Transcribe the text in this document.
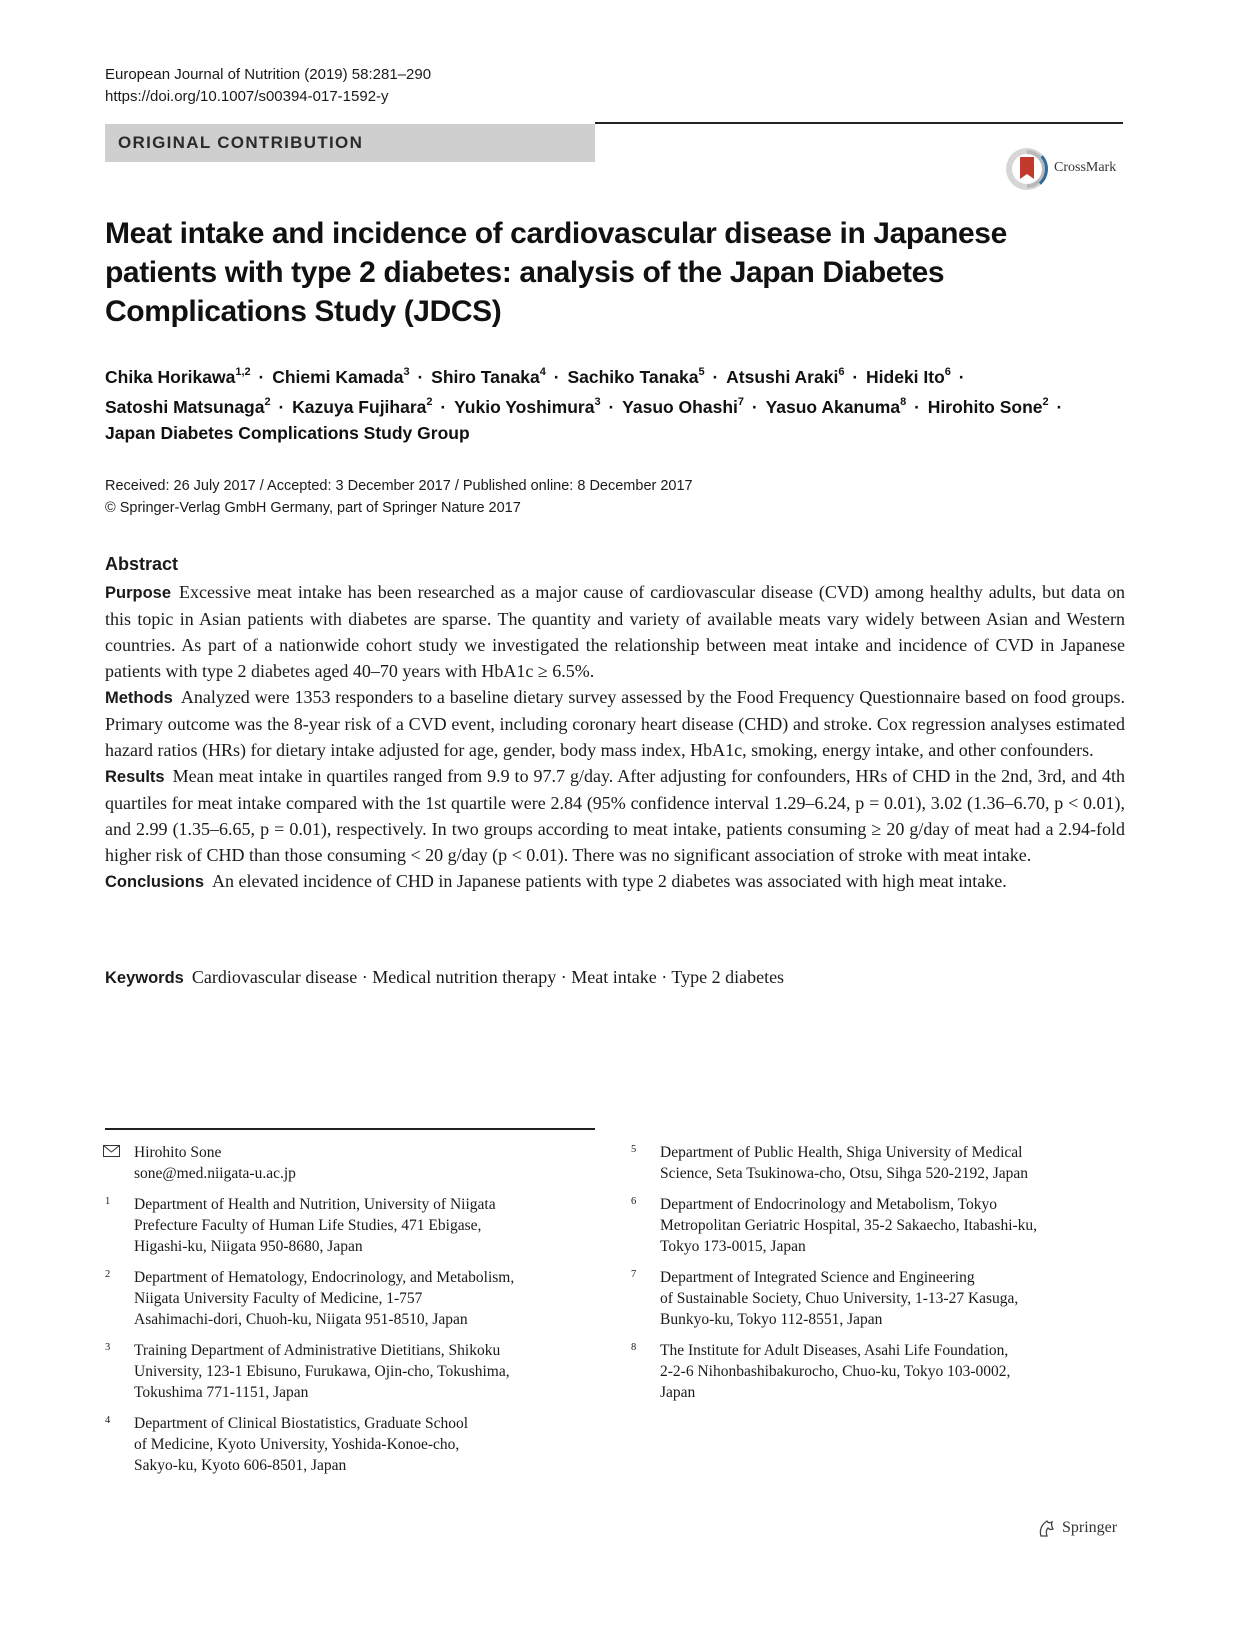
European Journal of Nutrition (2019) 58:281–290
https://doi.org/10.1007/s00394-017-1592-y
ORIGINAL CONTRIBUTION
CrossMark
Meat intake and incidence of cardiovascular disease in Japanese
patients with type 2 diabetes: analysis of the Japan Diabetes
Complications Study (JDCS)
Chika Horikawa$^{1,2}$ · Chiemi Kamada$^3$ · Shiro Tanaka$^4$ · Sachiko Tanaka$^5$ · Atsushi Araki$^6$ · Hideki Ito$^6$ ·
Satoshi Matsunaga$^2$ · Kazuya Fujihara$^2$ · Yukio Yoshimura$^3$ · Yasuo Ohashi$^7$ · Yasuo Akanuma$^8$ · Hirohito Sone$^2$ ·
Japan Diabetes Complications Study Group
Received: 26 July 2017 / Accepted: 3 December 2017 / Published online: 8 December 2017
© Springer-Verlag GmbH Germany, part of Springer Nature 2017
Abstract

Purpose Excessive meat intake has been researched as a major cause of cardiovascular disease (CVD) among healthy adults, but data on this topic in Asian patients with diabetes are sparse. The quantity and variety of available meats vary widely between Asian and Western countries. As part of a nationwide cohort study we investigated the relationship between meat intake and incidence of CVD in Japanese patients with type 2 diabetes aged 40–70 years with HbA1c ≥ 6.5%.

Methods Analyzed were 1353 responders to a baseline dietary survey assessed by the Food Frequency Questionnaire based on food groups. Primary outcome was the 8-year risk of a CVD event, including coronary heart disease (CHD) and stroke. Cox regression analyses estimated hazard ratios (HRs) for dietary intake adjusted for age, gender, body mass index, HbA1c, smoking, energy intake, and other confounders.

Results Mean meat intake in quartiles ranged from 9.9 to 97.7 g/day. After adjusting for confounders, HRs of CHD in the 2nd, 3rd, and 4th quartiles for meat intake compared with the 1st quartile were 2.84 (95% confidence interval 1.29–6.24, p = 0.01), 3.02 (1.36–6.70, p < 0.01), and 2.99 (1.35–6.65, p = 0.01), respectively. In two groups according to meat intake, patients consuming ≥ 20 g/day of meat had a 2.94-fold higher risk of CHD than those consuming < 20 g/day (p < 0.01). There was no significant association of stroke with meat intake.

Conclusions An elevated incidence of CHD in Japanese patients with type 2 diabetes was associated with high meat intake.

Keywords Cardiovascular disease · Medical nutrition therapy · Meat intake · Type 2 diabetes
Hirohito Sone
sone@med.niigata-u.ac.jp
1 Department of Health and Nutrition, University of Niigata
Prefecture Faculty of Human Life Studies, 471 Ebigase,
Higashi-ku, Niigata 950-8680, Japan
2 Department of Hematology, Endocrinology, and Metabolism,
Niigata University Faculty of Medicine, 1-757
Asahimachi-dori, Chuoh-ku, Niigata 951-8510, Japan
3 Training Department of Administrative Dietitians, Shikoku
University, 123-1 Ebisuno, Furukawa, Ojin-cho, Tokushima,
Tokushima 771-1151, Japan
4 Department of Clinical Biostatistics, Graduate School
of Medicine, Kyoto University, Yoshida-Konoe-cho,
Sakyo-ku, Kyoto 606-8501, Japan
5 Department of Public Health, Shiga University of Medical
Science, Seta Tsukinowa-cho, Otsu, Sihga 520-2192, Japan
6 Department of Endocrinology and Metabolism, Tokyo
Metropolitan Geriatric Hospital, 35-2 Sakaecho, Itabashi-ku,
Tokyo 173-0015, Japan
7 Department of Integrated Science and Engineering
of Sustainable Society, Chuo University, 1-13-27 Kasuga,
Bunkyo-ku, Tokyo 112-8551, Japan
8 The Institute for Adult Diseases, Asahi Life Foundation,
2-2-6 Nihonbashibakurocho, Chuo-ku, Tokyo 103-0002,
Japan
Springer
